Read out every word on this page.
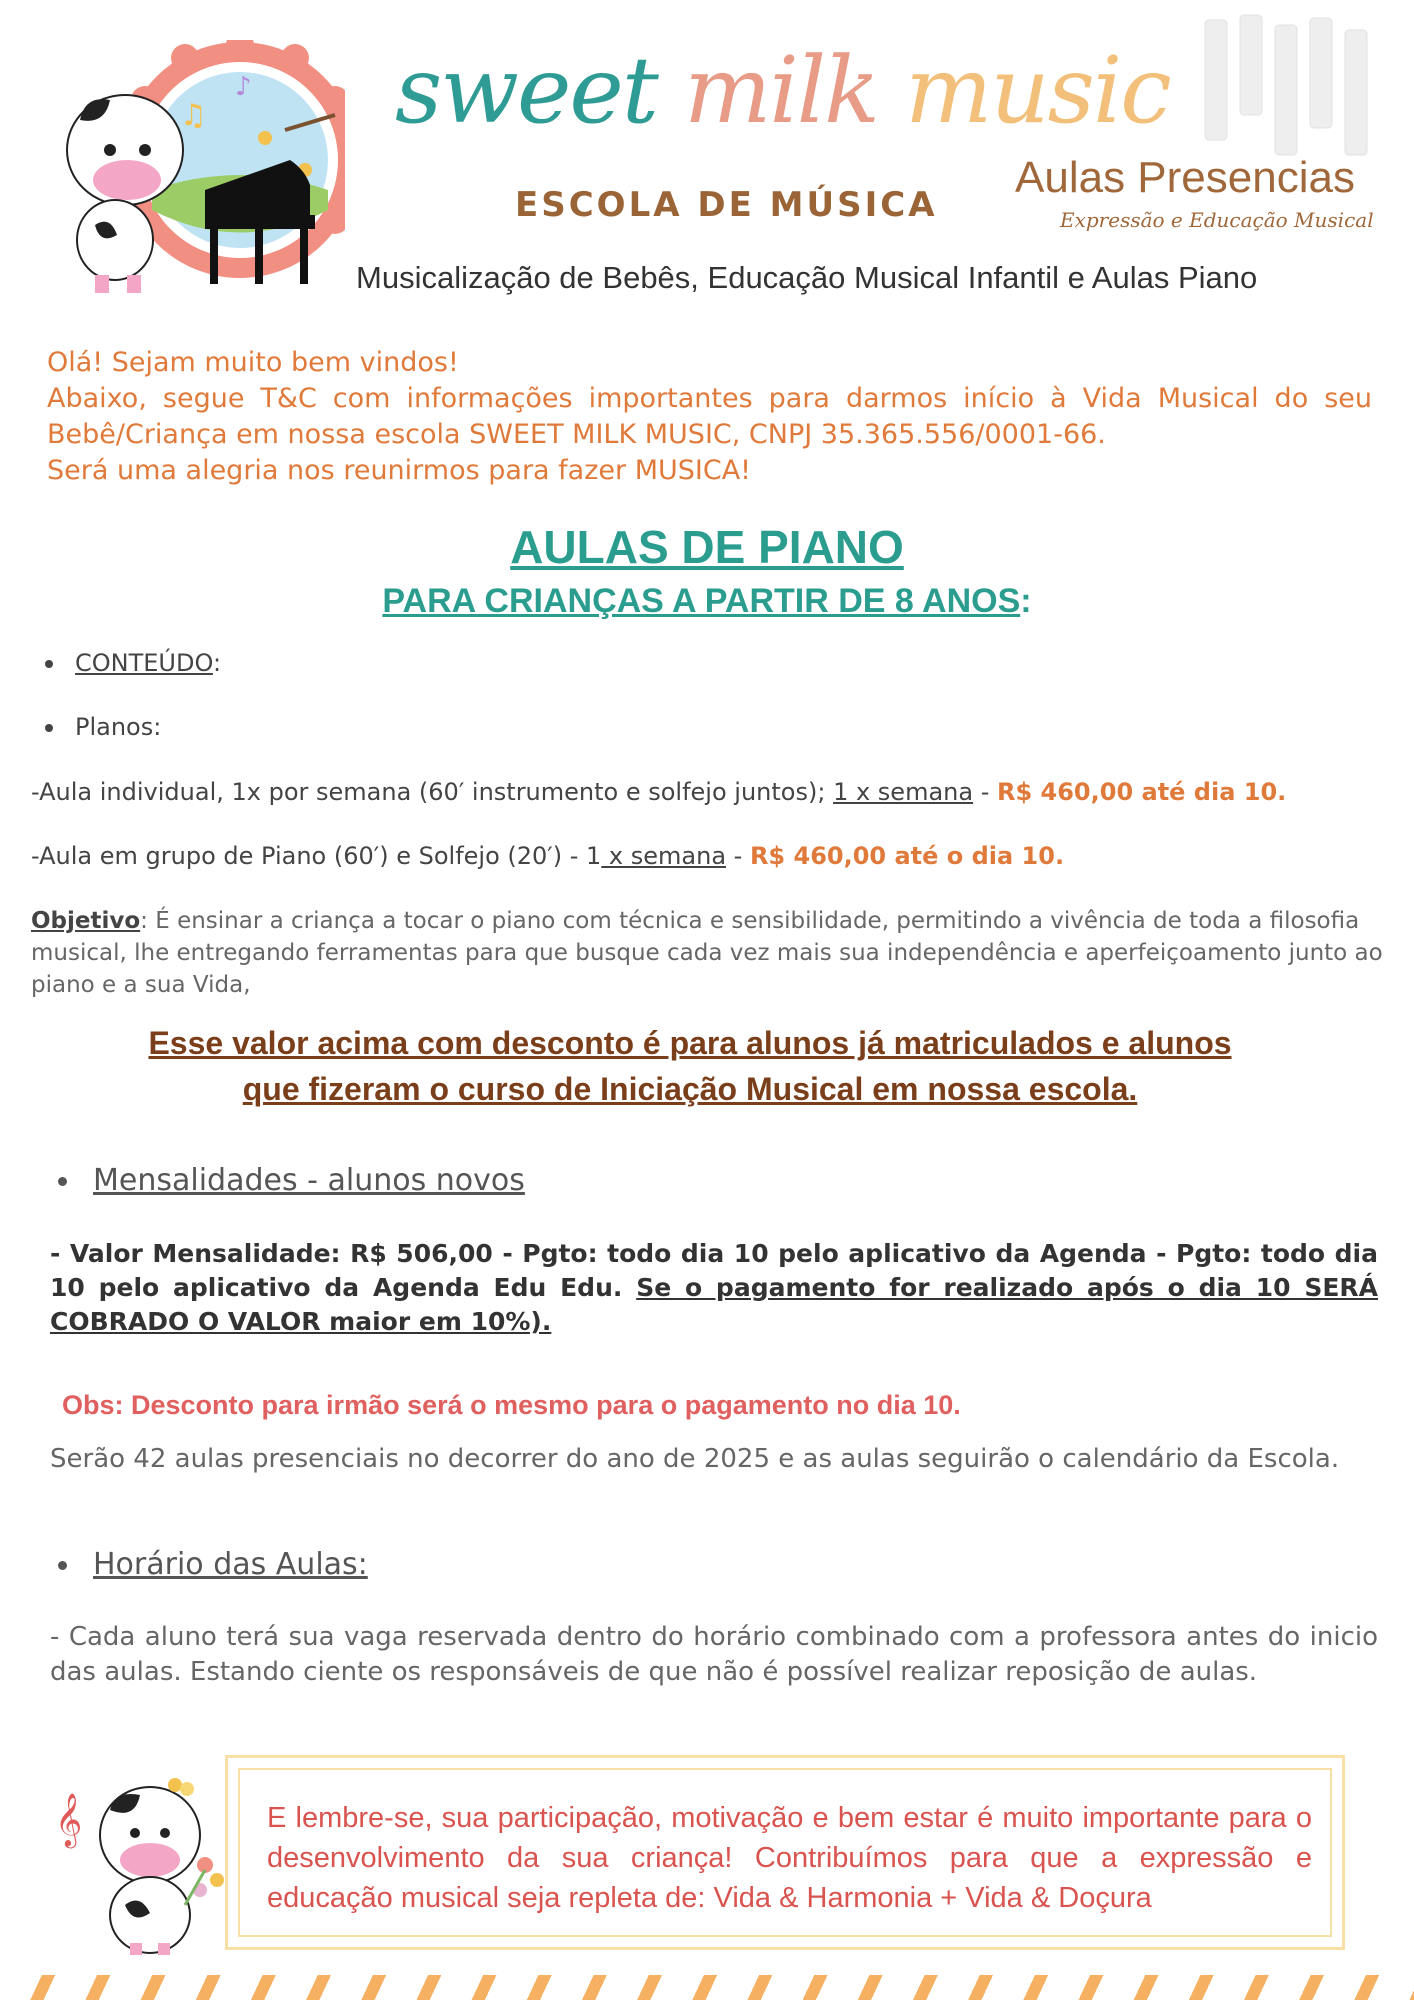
♫
♪ sweet milk music
ESCOLA DE MÚSICA
Aulas Presencias
Expressão e Educação Musical
Musicalização de Bebês, Educação Musical Infantil e Aulas Piano

Olá! Sejam muito bem vindos!

Abaixo, segue T&C com informações importantes para darmos início à Vida Musical do seu Bebê/Criança em nossa escola SWEET MILK MUSIC, CNPJ 35.365.556/0001-66.

Será uma alegria nos reunirmos para fazer MUSICA!

AULAS DE PIANO
PARA CRIANÇAS A PARTIR DE 8 ANOS:
CONTEÚDO:
Planos:
-Aula individual, 1x por semana (60′ instrumento e solfejo juntos); 1 x semana - R$ 460,00 até dia 10.
-Aula em grupo de Piano (60′) e Solfejo (20′) - 1 x semana - R$ 460,00 até o dia 10.
Objetivo: É ensinar a criança a tocar o piano com técnica e sensibilidade, permitindo a vivência de toda a filosofia musical, lhe entregando ferramentas para que busque cada vez mais sua independência e aperfeiçoamento junto ao piano e a sua Vida,
Esse valor acima com desconto é para alunos já matriculados e alunos
que fizeram o curso de Iniciação Musical em nossa escola.
Mensalidades - alunos novos
- Valor Mensalidade: R$ 506,00 - Pgto: todo dia 10 pelo aplicativo da Agenda - Pgto: todo dia 10 pelo aplicativo da Agenda Edu Edu. Se o pagamento for realizado após o dia 10 SERÁ COBRADO O VALOR maior em 10%).
Obs: Desconto para irmão será o mesmo para o pagamento no dia 10.
Serão 42 aulas presenciais no decorrer do ano de 2025 e as aulas seguirão o calendário da Escola.
Horário das Aulas:
- Cada aluno terá sua vaga reservada dentro do horário combinado com a professora antes do inicio das aulas. Estando ciente os responsáveis de que não é possível realizar reposição de aulas.
𝄞	E lembre-se, sua participação, motivação e bem estar é muito importante para o desenvolvimento da sua criança! Contribuímos para que a expressão e educação musical seja repleta de: Vida & Harmonia + Vida & Doçura
